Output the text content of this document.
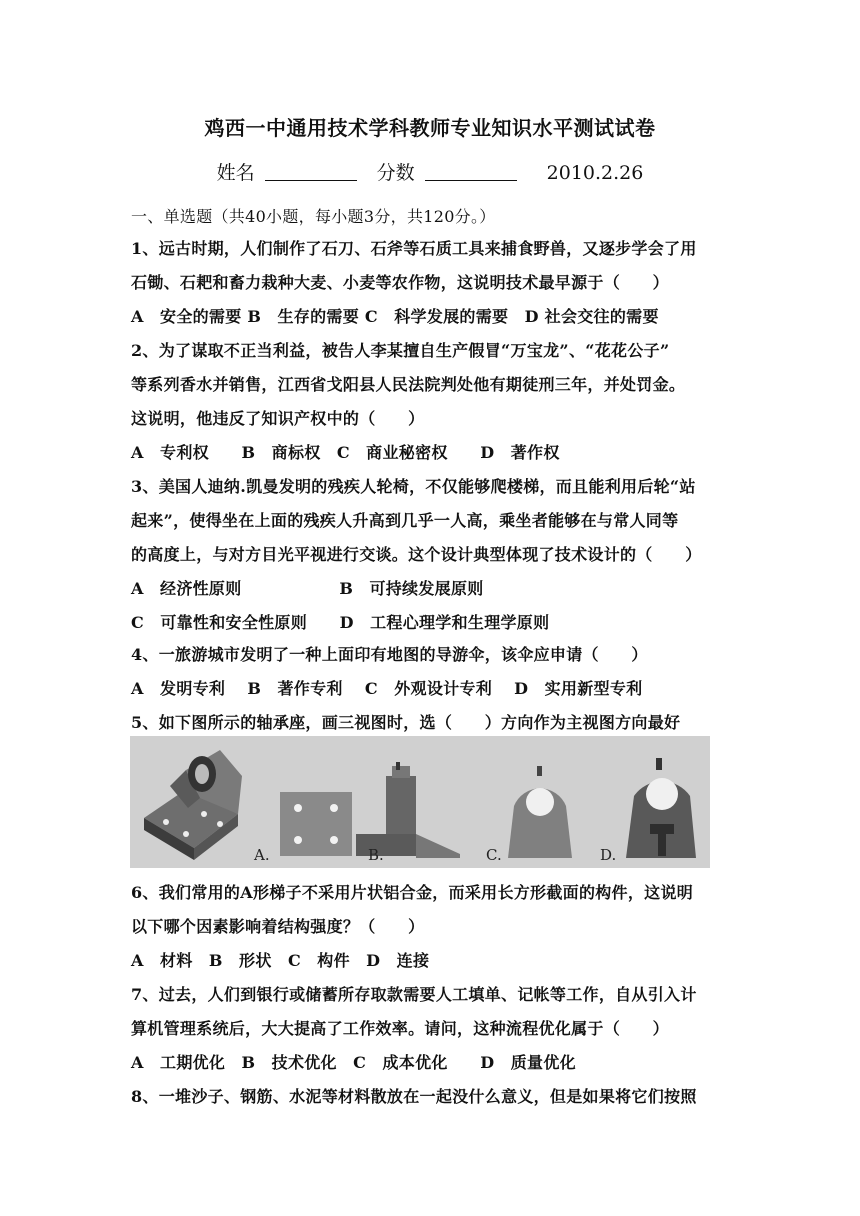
鸡西一中通用技术学科教师专业知识水平测试试卷
姓名	分数	2010.2.26
一、单选题（共40小题，每小题3分，共120分。）
1、远古时期，人们制作了石刀、石斧等石质工具来捕食野兽，又逐步学会了用
石锄、石耙和畜力栽种大麦、小麦等农作物，这说明技术最早源于（　　）
A　安全的需要 B　生存的需要 C　科学发展的需要　D 社会交往的需要
2、为了谋取不正当利益，被告人李某擅自生产假冒“万宝龙”、“花花公子”
等系列香水并销售，江西省戈阳县人民法院判处他有期徒刑三年，并处罚金。
这说明，他违反了知识产权中的（　　）
A　专利权　　B　商标权　C　商业秘密权　　D　著作权
3、美国人迪纳.凯曼发明的残疾人轮椅，不仅能够爬楼梯，而且能利用后轮“站
起来”，使得坐在上面的残疾人升高到几乎一人高，乘坐者能够在与常人同等
的高度上，与对方目光平视进行交谈。这个设计典型体现了技术设计的（　　）
A　经济性原则　　　　　　B　可持续发展原则
C　可靠性和安全性原则　　D　工程心理学和生理学原则
4、一旅游城市发明了一种上面印有地图的导游伞，该伞应申请（　　）
A　发明专利　 B　著作专利　 C　外观设计专利　 D　实用新型专利
5、如下图所示的轴承座，画三视图时，选（　　）方向作为主视图方向最好
A.	B.	C.	D.
6、我们常用的A形梯子不采用片状铝合金，而采用长方形截面的构件，这说明
以下哪个因素影响着结构强度？（　　）
A　材料　B　形状　C　构件　D　连接
7、过去，人们到银行或储蓄所存取款需要人工填单、记帐等工作，自从引入计
算机管理系统后，大大提高了工作效率。请问，这种流程优化属于（　　）
A　工期优化　B　技术优化　C　成本优化　　D　质量优化
8、一堆沙子、钢筋、水泥等材料散放在一起没什么意义，但是如果将它们按照
